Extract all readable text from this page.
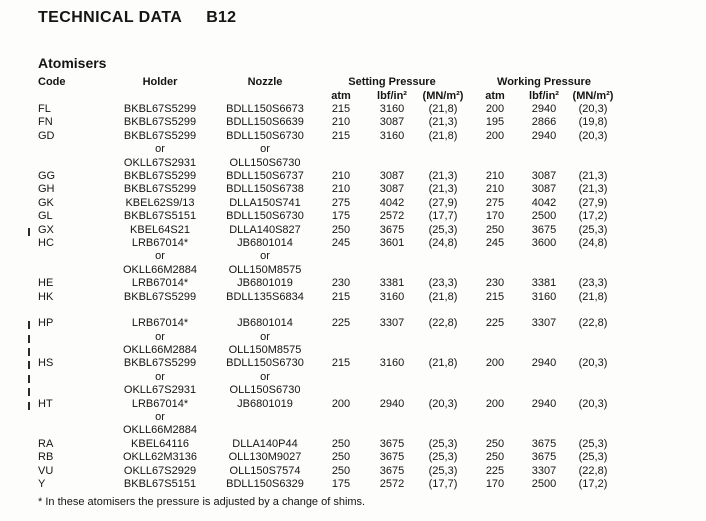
TECHNICAL DATA B12
Atomisers
Code	Holder	Nozzle	Setting Pressure			Working Pressure		
			atm	lbf/in²	(MN/m²)	atm	lbf/in²	(MN/m²)
FL	BKBL67S5299	BDLL150S6673	215	3160	(21,8)	200	2940	(20,3)
FN	BKBL67S5299	BDLL150S6639	210	3087	(21,3)	195	2866	(19,8)
GD	BKBL67S5299	BDLL150S6730	215	3160	(21,8)	200	2940	(20,3)
	or	or						
	OKLL67S2931	OLL150S6730						
GG	BKBL67S5299	BDLL150S6737	210	3087	(21,3)	210	3087	(21,3)
GH	BKBL67S5299	BDLL150S6738	210	3087	(21,3)	210	3087	(21,3)
GK	KBEL62S9/13	DLLA150S741	275	4042	(27,9)	275	4042	(27,9)
GL	BKBL67S5151	BDLL150S6730	175	2572	(17,7)	170	2500	(17,2)
GX	KBEL64S21	DLLA140S827	250	3675	(25,3)	250	3675	(25,3)
HC	LRB67014*	JB6801014	245	3601	(24,8)	245	3600	(24,8)
	or	or						
	OKLL66M2884	OLL150M8575						
HE	LRB67014*	JB6801019	230	3381	(23,3)	230	3381	(23,3)
HK	BKBL67S5299	BDLL135S6834	215	3160	(21,8)	215	3160	(21,8)

HP	LRB67014*	JB6801014	225	3307	(22,8)	225	3307	(22,8)
	or	or						
	OKLL66M2884	OLL150M8575						
HS	BKBL67S5299	BDLL150S6730	215	3160	(21,8)	200	2940	(20,3)
	or	or						
	OKLL67S2931	OLL150S6730						
HT	LRB67014*	JB6801019	200	2940	(20,3)	200	2940	(20,3)
	or							
	OKLL66M2884							
RA	KBEL64116	DLLA140P44	250	3675	(25,3)	250	3675	(25,3)
RB	OKLL62M3136	OLL130M9027	250	3675	(25,3)	250	3675	(25,3)
VU	OKLL67S2929	OLL150S7574	250	3675	(25,3)	225	3307	(22,8)
Y	BKBL67S5151	BDLL150S6329	175	2572	(17,7)	170	2500	(17,2)
* In these atomisers the pressure is adjusted by a change of shims.
